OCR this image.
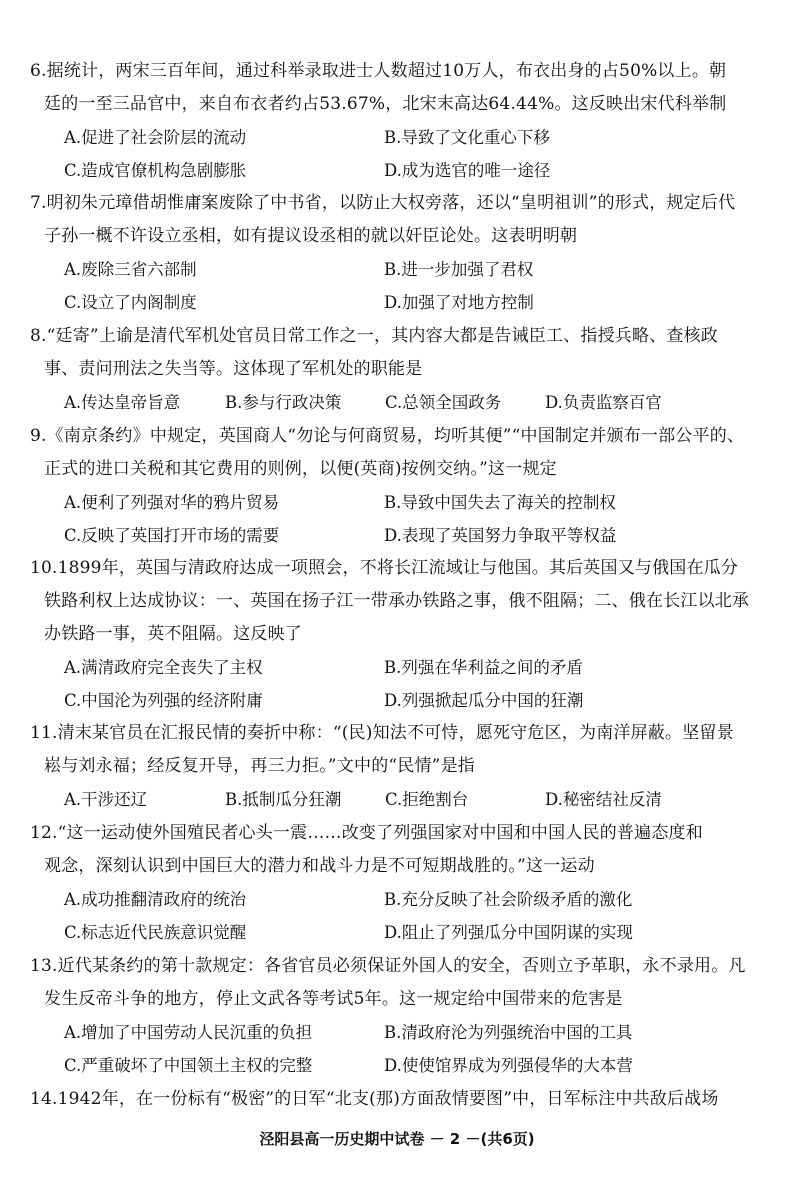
6.据统计，两宋三百年间，通过科举录取进士人数超过10万人，布衣出身的占50%以上。朝
廷的一至三品官中，来自布衣者约占53.67%，北宋末高达64.44%。这反映出宋代科举制
A.促进了社会阶层的流动	B.导致了文化重心下移
C.造成官僚机构急剧膨胀	D.成为选官的唯一途径
7.明初朱元璋借胡惟庸案废除了中书省，以防止大权旁落，还以“皇明祖训”的形式，规定后代
子孙一概不许设立丞相，如有提议设丞相的就以奸臣论处。这表明明朝
A.废除三省六部制	B.进一步加强了君权
C.设立了内阁制度	D.加强了对地方控制
8.“廷寄”上谕是清代军机处官员日常工作之一，其内容大都是告诫臣工、指授兵略、查核政
事、责问刑法之失当等。这体现了军机处的职能是
A.传达皇帝旨意	B.参与行政决策	C.总领全国政务	D.负责监察百官
9.《南京条约》中规定，英国商人“勿论与何商贸易，均听其便”“中国制定并颁布一部公平的、
正式的进口关税和其它费用的则例，以便(英商)按例交纳。”这一规定
A.便利了列强对华的鸦片贸易	B.导致中国失去了海关的控制权
C.反映了英国打开市场的需要	D.表现了英国努力争取平等权益
10.1899年，英国与清政府达成一项照会，不将长江流域让与他国。其后英国又与俄国在瓜分
铁路利权上达成协议：一、英国在扬子江一带承办铁路之事，俄不阻隔；二、俄在长江以北承
办铁路一事，英不阻隔。这反映了
A.满清政府完全丧失了主权	B.列强在华利益之间的矛盾
C.中国沦为列强的经济附庸	D.列强掀起瓜分中国的狂潮
11.清末某官员在汇报民情的奏折中称：“(民)知法不可恃，愿死守危区，为南洋屏蔽。坚留景
崧与刘永福；经反复开导，再三力拒。”文中的“民情”是指
A.干涉还辽	B.抵制瓜分狂潮	C.拒绝割台	D.秘密结社反清
12.“这一运动使外国殖民者心头一震……改变了列强国家对中国和中国人民的普遍态度和
观念，深刻认识到中国巨大的潜力和战斗力是不可短期战胜的。”这一运动
A.成功推翻清政府的统治	B.充分反映了社会阶级矛盾的激化
C.标志近代民族意识觉醒	D.阻止了列强瓜分中国阴谋的实现
13.近代某条约的第十款规定：各省官员必须保证外国人的安全，否则立予革职，永不录用。凡
发生反帝斗争的地方，停止文武各等考试5年。这一规定给中国带来的危害是
A.增加了中国劳动人民沉重的负担	B.清政府沦为列强统治中国的工具
C.严重破坏了中国领土主权的完整	D.使使馆界成为列强侵华的大本营
14.1942年，在一份标有“极密”的日军“北支(那)方面敌情要图”中，日军标注中共敌后战场
泾阳县高一历史期中试卷 － 2 －(共6页)
